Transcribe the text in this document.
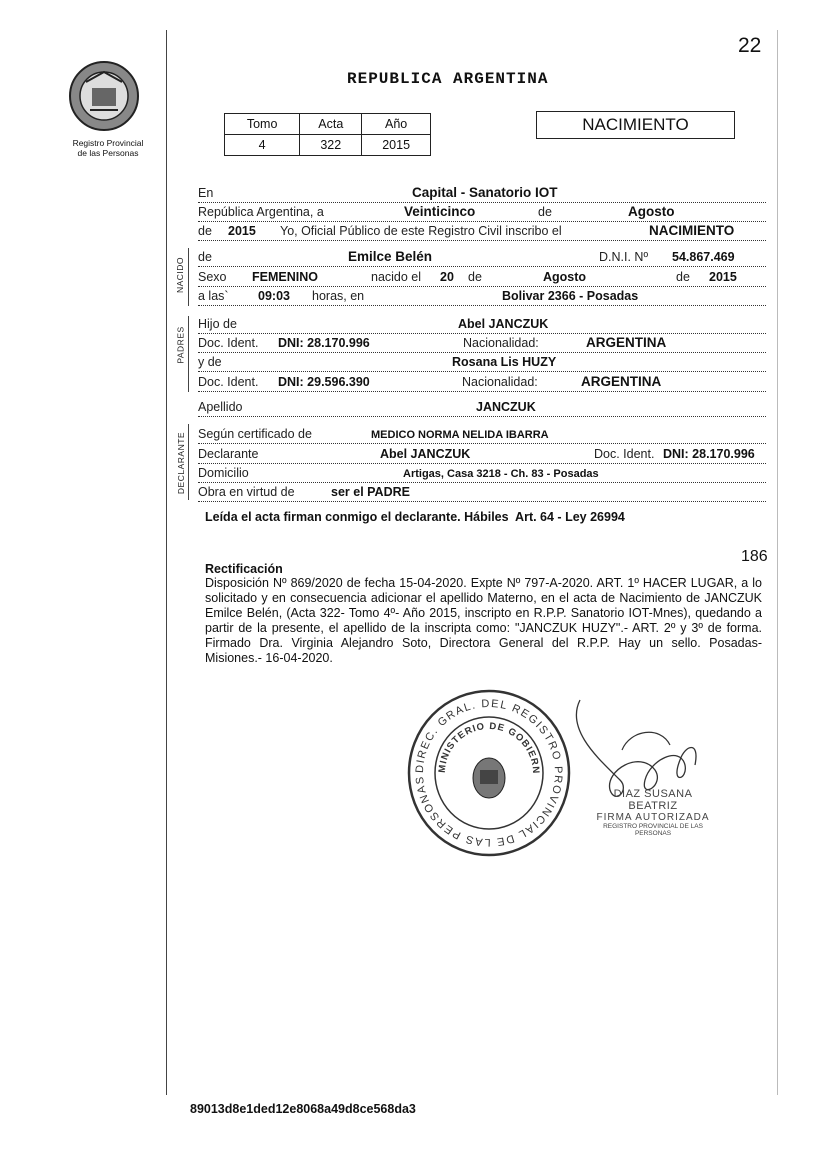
22
Registro Provincial
de las Personas
REPUBLICA ARGENTINA
Tomo	Acta	Año
4	322	2015
NACIMIENTO
NACIDO
PADRES
DECLARANTE
En	Capital - Sanatorio IOT
República Argentina, a	Veinticinco	de	Agosto
de 2015 Yo, Oficial Público de este Registro Civil inscribo el	NACIMIENTO
de	Emilce Belén	D.N.I. Nº 54.867.469
Sexo FEMENINO	nacido el 20 de	Agosto	de 2015
a las` 09:03 horas, en	Bolivar 2366 - Posadas
Hijo de	Abel JANCZUK
Doc. Ident. DNI: 28.170.996	Nacionalidad:	ARGENTINA
y de	Rosana Lis HUZY
Doc. Ident. DNI: 29.596.390	Nacionalidad:	ARGENTINA
Apellido	JANCZUK
Según certificado de	MEDICO NORMA NELIDA IBARRA
Declarante	Abel JANCZUK	Doc. Ident. DNI: 28.170.996
Domicilio	Artigas, Casa 3218 - Ch. 83 - Posadas
Obra en virtud de	ser el PADRE
Leída el acta firman conmigo el declarante. Hábiles  Art. 64 - Ley 26994
186
Rectificación
Disposición Nº 869/2020 de fecha 15-04-2020. Expte Nº 797-A-2020. ART. 1º HACER LUGAR, a lo solicitado y en consecuencia adicionar el apellido Materno, en el acta de Nacimiento de JANCZUK Emilce Belén, (Acta 322- Tomo 4º- Año 2015, inscripto en R.P.P. Sanatorio IOT-Mnes), quedando a partir de la presente, el apellido de la inscripta como: "JANCZUK HUZY".- ART. 2º y 3º de forma. Firmado Dra. Virginia Alejandro Soto, Directora General del R.P.P. Hay un sello. Posadas- Misiones.- 16-04-2020.
DIREC. GRAL. DEL REGISTRO PROVINCIAL DE LAS PERSONAS
MINISTERIO DE GOBIERN
DIAZ SUSANA BEATRIZ
FIRMA AUTORIZADA
REGISTRO PROVINCIAL DE LAS PERSONAS
89013d8e1ded12e8068a49d8ce568da3
